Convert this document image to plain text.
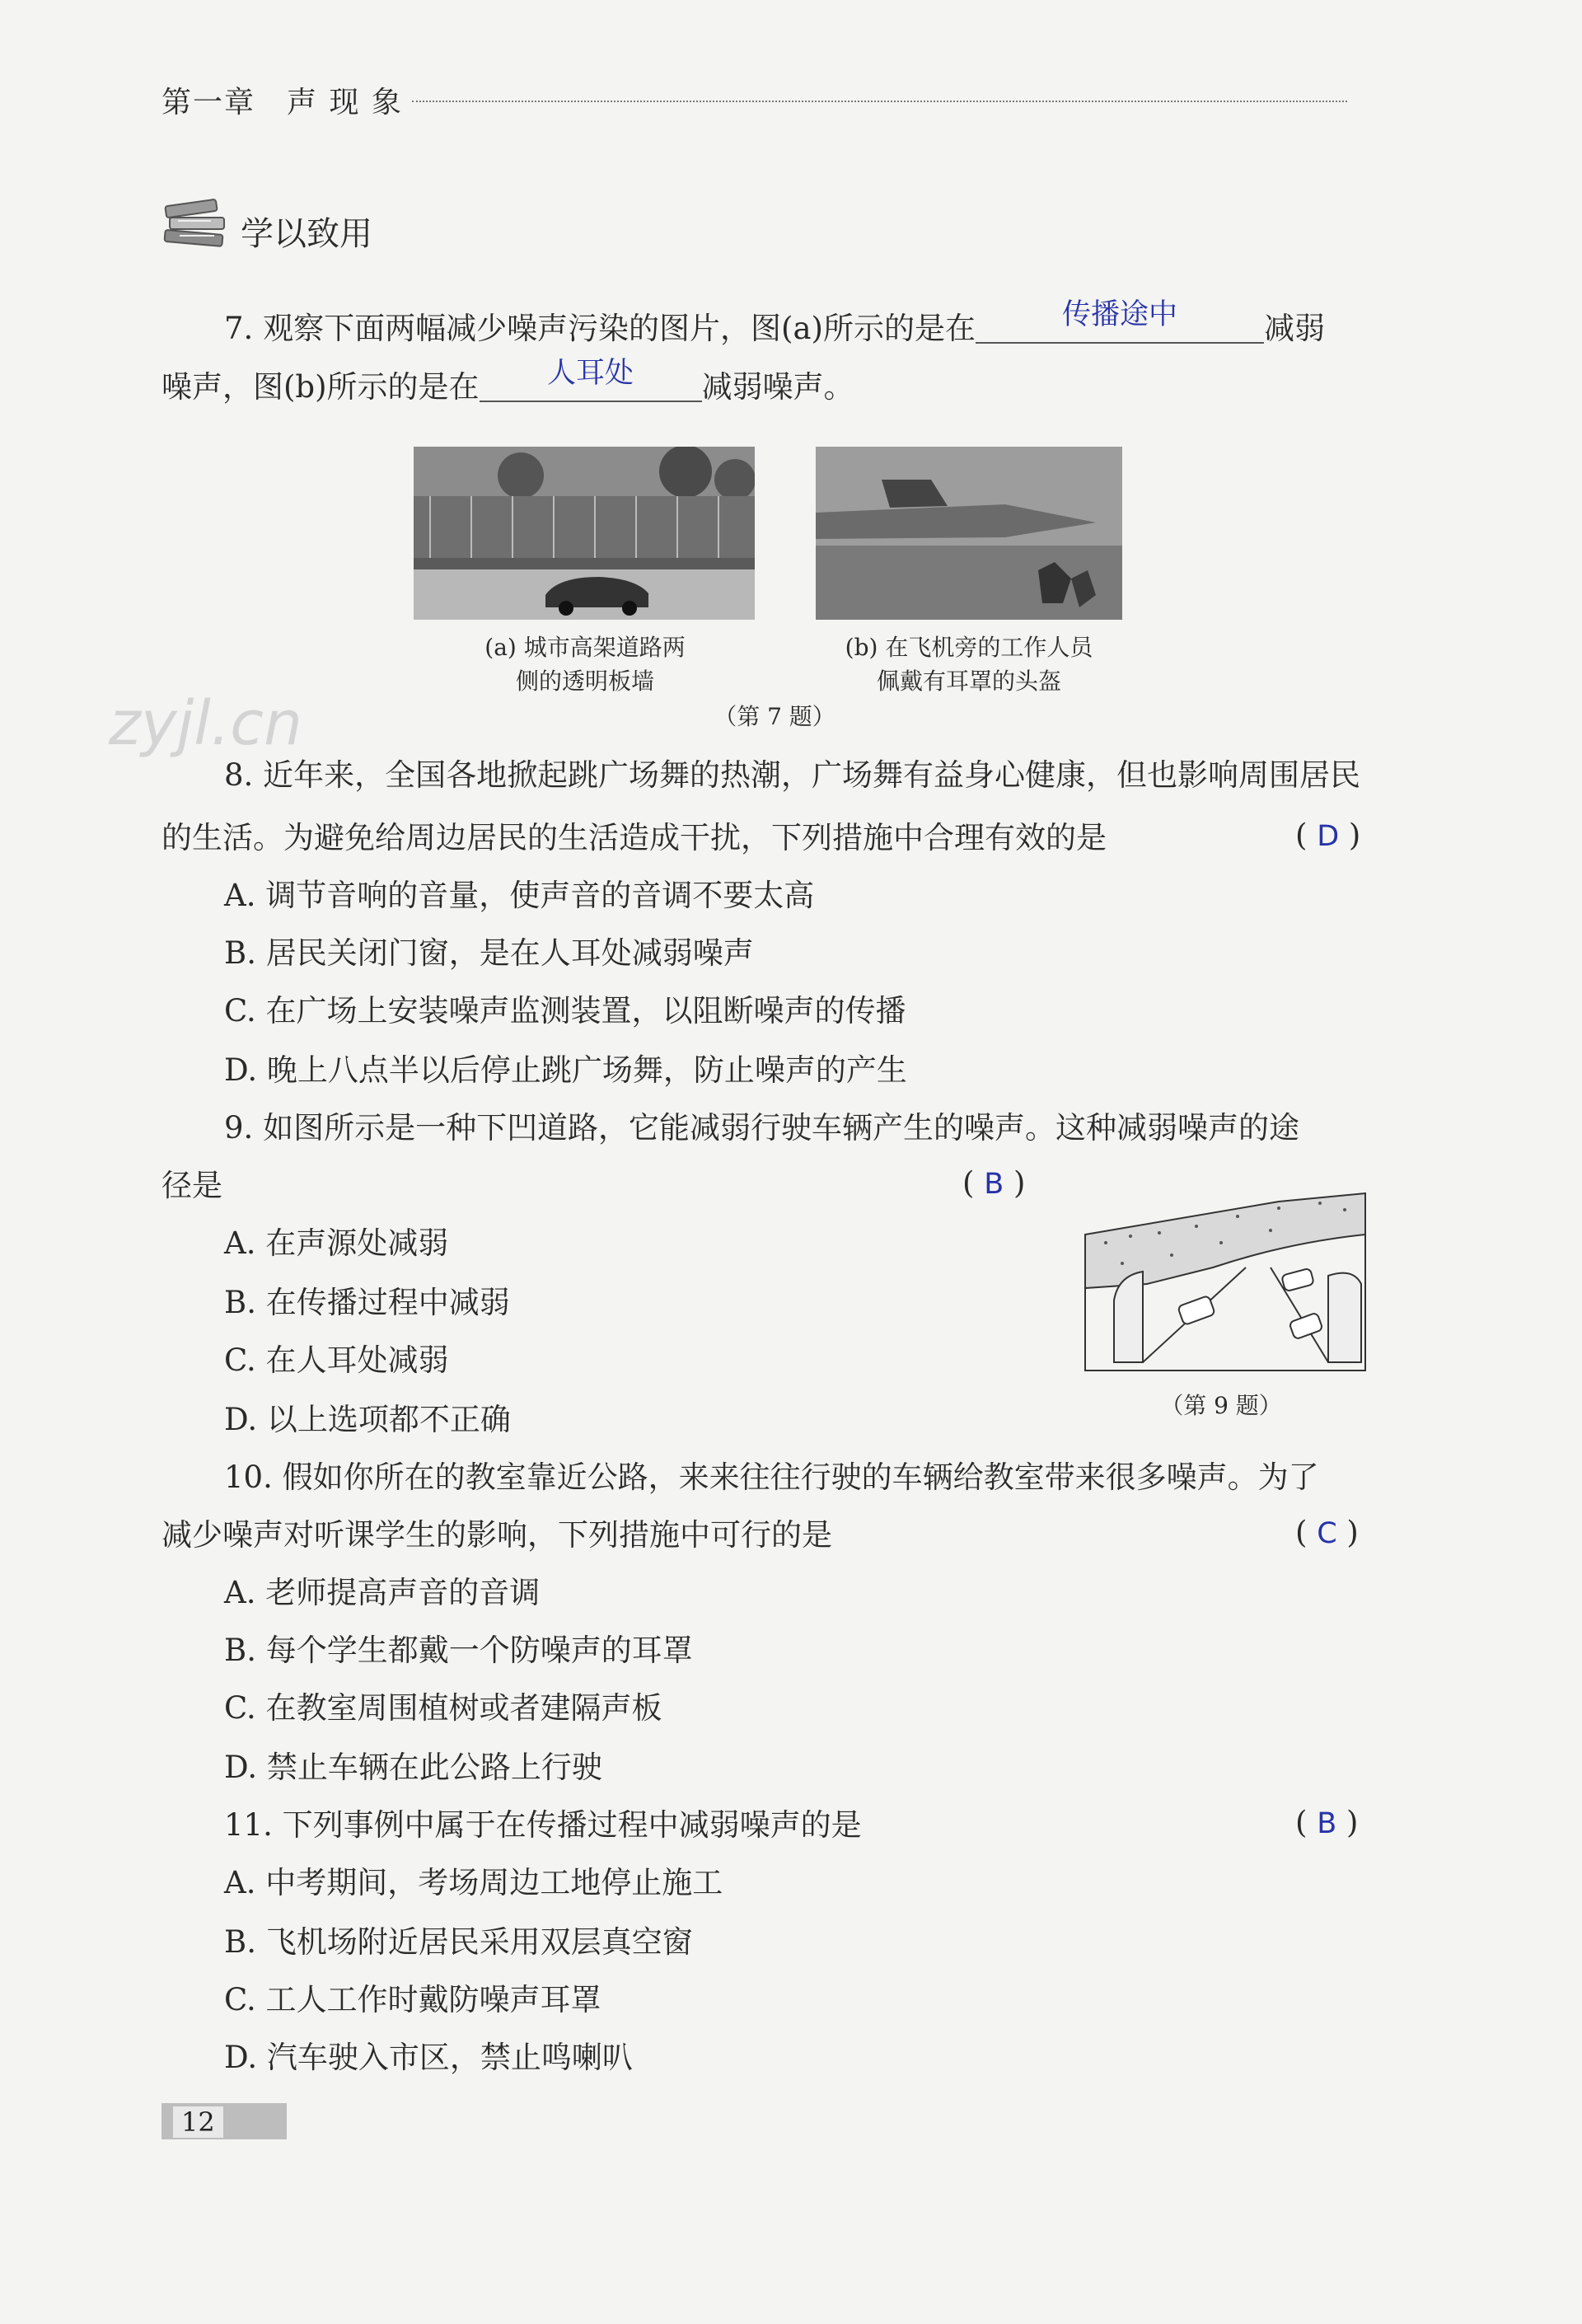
第一章　声 现 象
学以致用
zyjl.cn
7. 观察下面两幅减少噪声污染的图片，图(a)所示的是在	传播途中	减弱
噪声，图(b)所示的是在	人耳处	减弱噪声。
(a) 城市高架道路两
侧的透明板墙
(b) 在飞机旁的工作人员
佩戴有耳罩的头盔
（第 7 题）
8. 近年来，全国各地掀起跳广场舞的热潮，广场舞有益身心健康，但也影响周围居民
的生活。为避免给周边居民的生活造成干扰，下列措施中合理有效的是	( D )
A. 调节音响的音量，使声音的音调不要太高
B. 居民关闭门窗，是在人耳处减弱噪声
C. 在广场上安装噪声监测装置，以阻断噪声的传播
D. 晚上八点半以后停止跳广场舞，防止噪声的产生
9. 如图所示是一种下凹道路，它能减弱行驶车辆产生的噪声。这种减弱噪声的途
径是	( B )
A. 在声源处减弱
B. 在传播过程中减弱
C. 在人耳处减弱
D. 以上选项都不正确	（第 9 题）
10. 假如你所在的教室靠近公路，来来往往行驶的车辆给教室带来很多噪声。为了
减少噪声对听课学生的影响，下列措施中可行的是	( C )
A. 老师提高声音的音调
B. 每个学生都戴一个防噪声的耳罩
C. 在教室周围植树或者建隔声板
D. 禁止车辆在此公路上行驶
11. 下列事例中属于在传播过程中减弱噪声的是	( B )
A. 中考期间，考场周边工地停止施工
B. 飞机场附近居民采用双层真空窗
C. 工人工作时戴防噪声耳罩
D. 汽车驶入市区，禁止鸣喇叭
12
